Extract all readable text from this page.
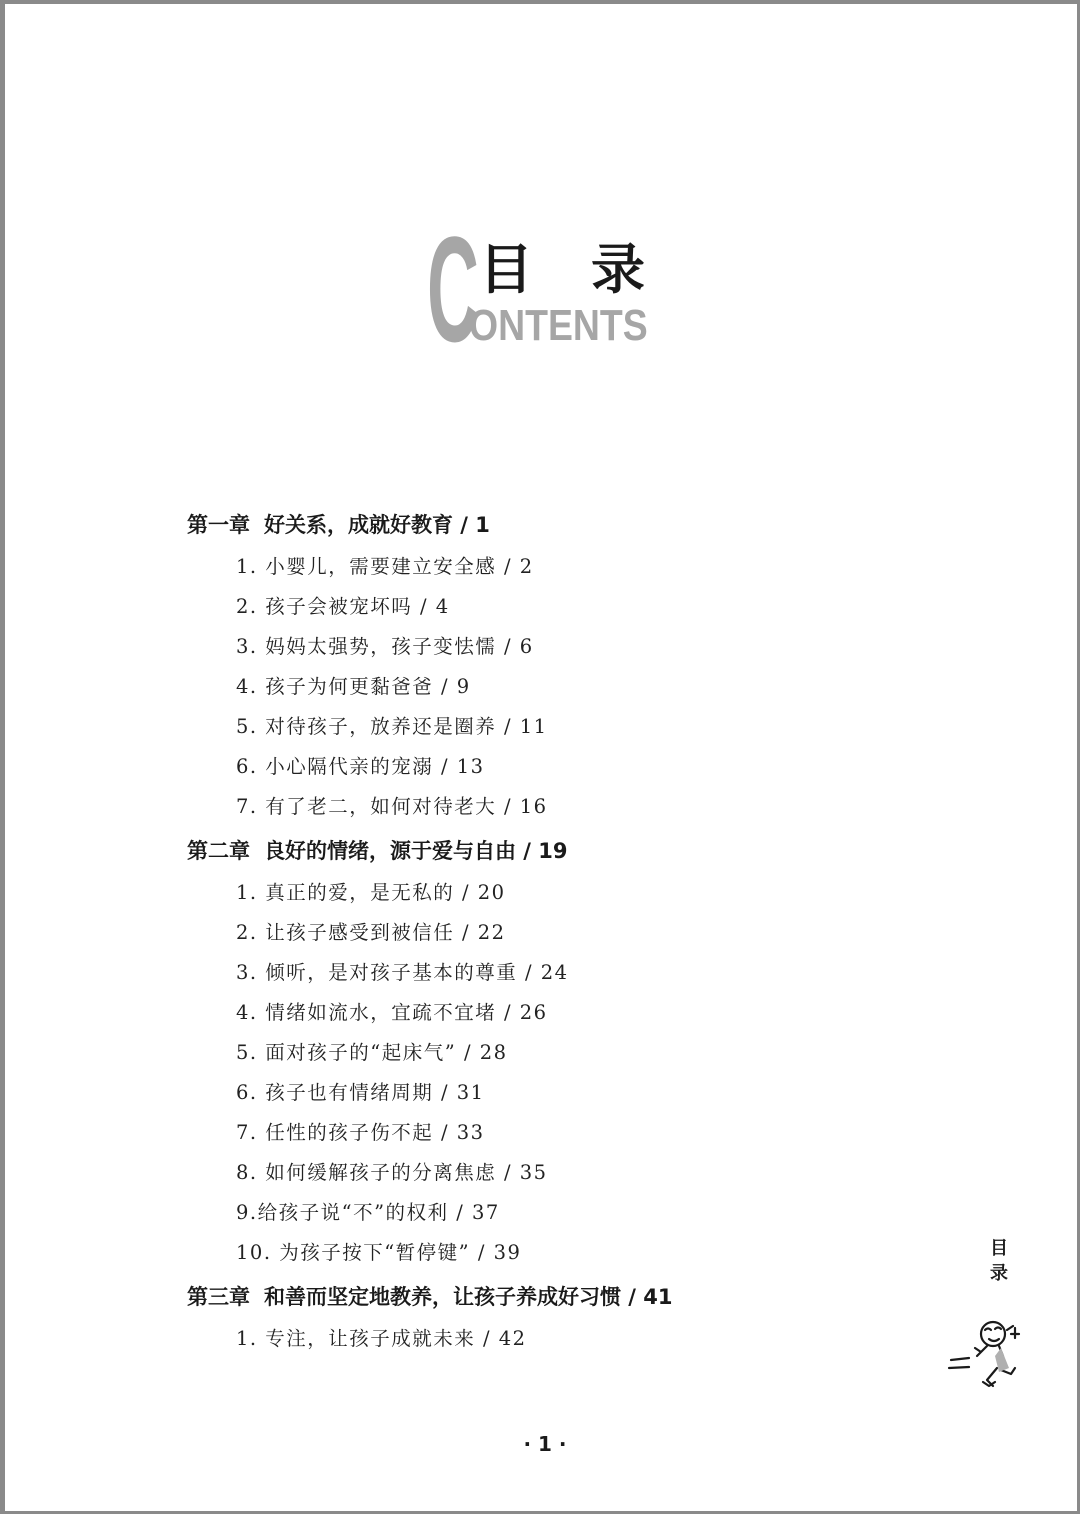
C 目 录
ONTENTS
第一章 好关系，成就好教育 / 1
1. 小婴儿，需要建立安全感 / 2
2. 孩子会被宠坏吗 / 4
3. 妈妈太强势，孩子变怯懦 / 6
4. 孩子为何更黏爸爸 / 9
5. 对待孩子，放养还是圈养 / 11
6. 小心隔代亲的宠溺 / 13
7. 有了老二，如何对待老大 / 16
第二章 良好的情绪，源于爱与自由 / 19
1. 真正的爱，是无私的 / 20
2. 让孩子感受到被信任 / 22
3. 倾听，是对孩子基本的尊重 / 24
4. 情绪如流水，宜疏不宜堵 / 26
5. 面对孩子的“起床气” / 28
6. 孩子也有情绪周期 / 31
7. 任性的孩子伤不起 / 33
8. 如何缓解孩子的分离焦虑 / 35
9.给孩子说“不”的权利 / 37
10. 为孩子按下“暂停键” / 39
第三章 和善而坚定地教养，让孩子养成好习惯 / 41
1. 专注，让孩子成就未来 / 42
目
录
· 1 ·
